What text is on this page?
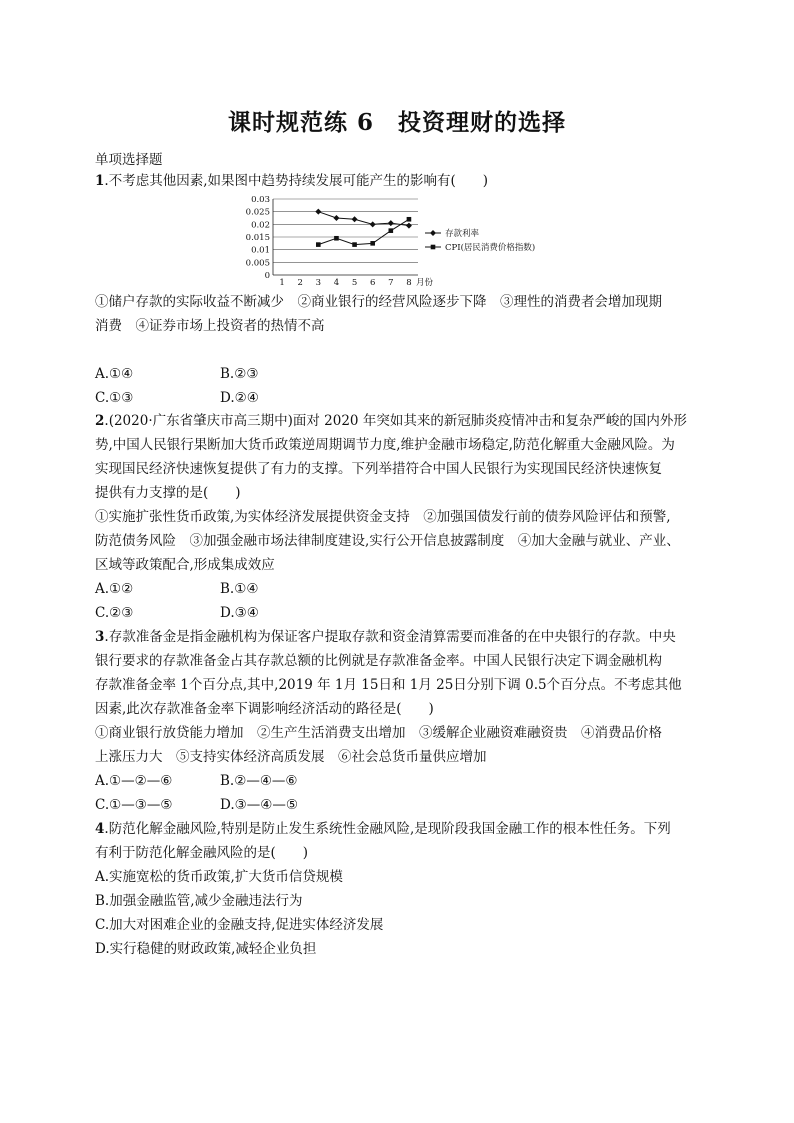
课时规范练 6　投资理财的选择
单项选择题
1.不考虑其他因素,如果图中趋势持续发展可能产生的影响有(　　)
0
0.005
0.01
0.015
0.02
0.025
0.03
1 2 3 4 5 6 7 8 月份
存款利率
CPI(居民消费价格指数)
①储户存款的实际收益不断减少　②商业银行的经营风险逐步下降　③理性的消费者会增加现期
消费　④证券市场上投资者的热情不高
A.①④	B.②③
C.①③	D.②④
2.(2020·广东省肇庆市高三期中)面对 2020 年突如其来的新冠肺炎疫情冲击和复杂严峻的国内外形
势,中国人民银行果断加大货币政策逆周期调节力度,维护金融市场稳定,防范化解重大金融风险。为
实现国民经济快速恢复提供了有力的支撑。下列举措符合中国人民银行为实现国民经济快速恢复
提供有力支撑的是(　　)
①实施扩张性货币政策,为实体经济发展提供资金支持　②加强国债发行前的债券风险评估和预警,
防范债务风险　③加强金融市场法律制度建设,实行公开信息披露制度　④加大金融与就业、产业、
区域等政策配合,形成集成效应
A.①②	B.①④
C.②③	D.③④
3.存款准备金是指金融机构为保证客户提取存款和资金清算需要而准备的在中央银行的存款。中央
银行要求的存款准备金占其存款总额的比例就是存款准备金率。中国人民银行决定下调金融机构
存款准备金率 1个百分点,其中,2019 年 1月 15日和 1月 25日分别下调 0.5个百分点。不考虑其他
因素,此次存款准备金率下调影响经济活动的路径是(　　)
①商业银行放贷能力增加　②生产生活消费支出增加　③缓解企业融资难融资贵　④消费品价格
上涨压力大　⑤支持实体经济高质发展　⑥社会总货币量供应增加
A.①—②—⑥	B.②—④—⑥
C.①—③—⑤	D.③—④—⑤
4.防范化解金融风险,特别是防止发生系统性金融风险,是现阶段我国金融工作的根本性任务。下列
有利于防范化解金融风险的是(　　)
A.实施宽松的货币政策,扩大货币信贷规模
B.加强金融监管,减少金融违法行为
C.加大对困难企业的金融支持,促进实体经济发展
D.实行稳健的财政政策,减轻企业负担
